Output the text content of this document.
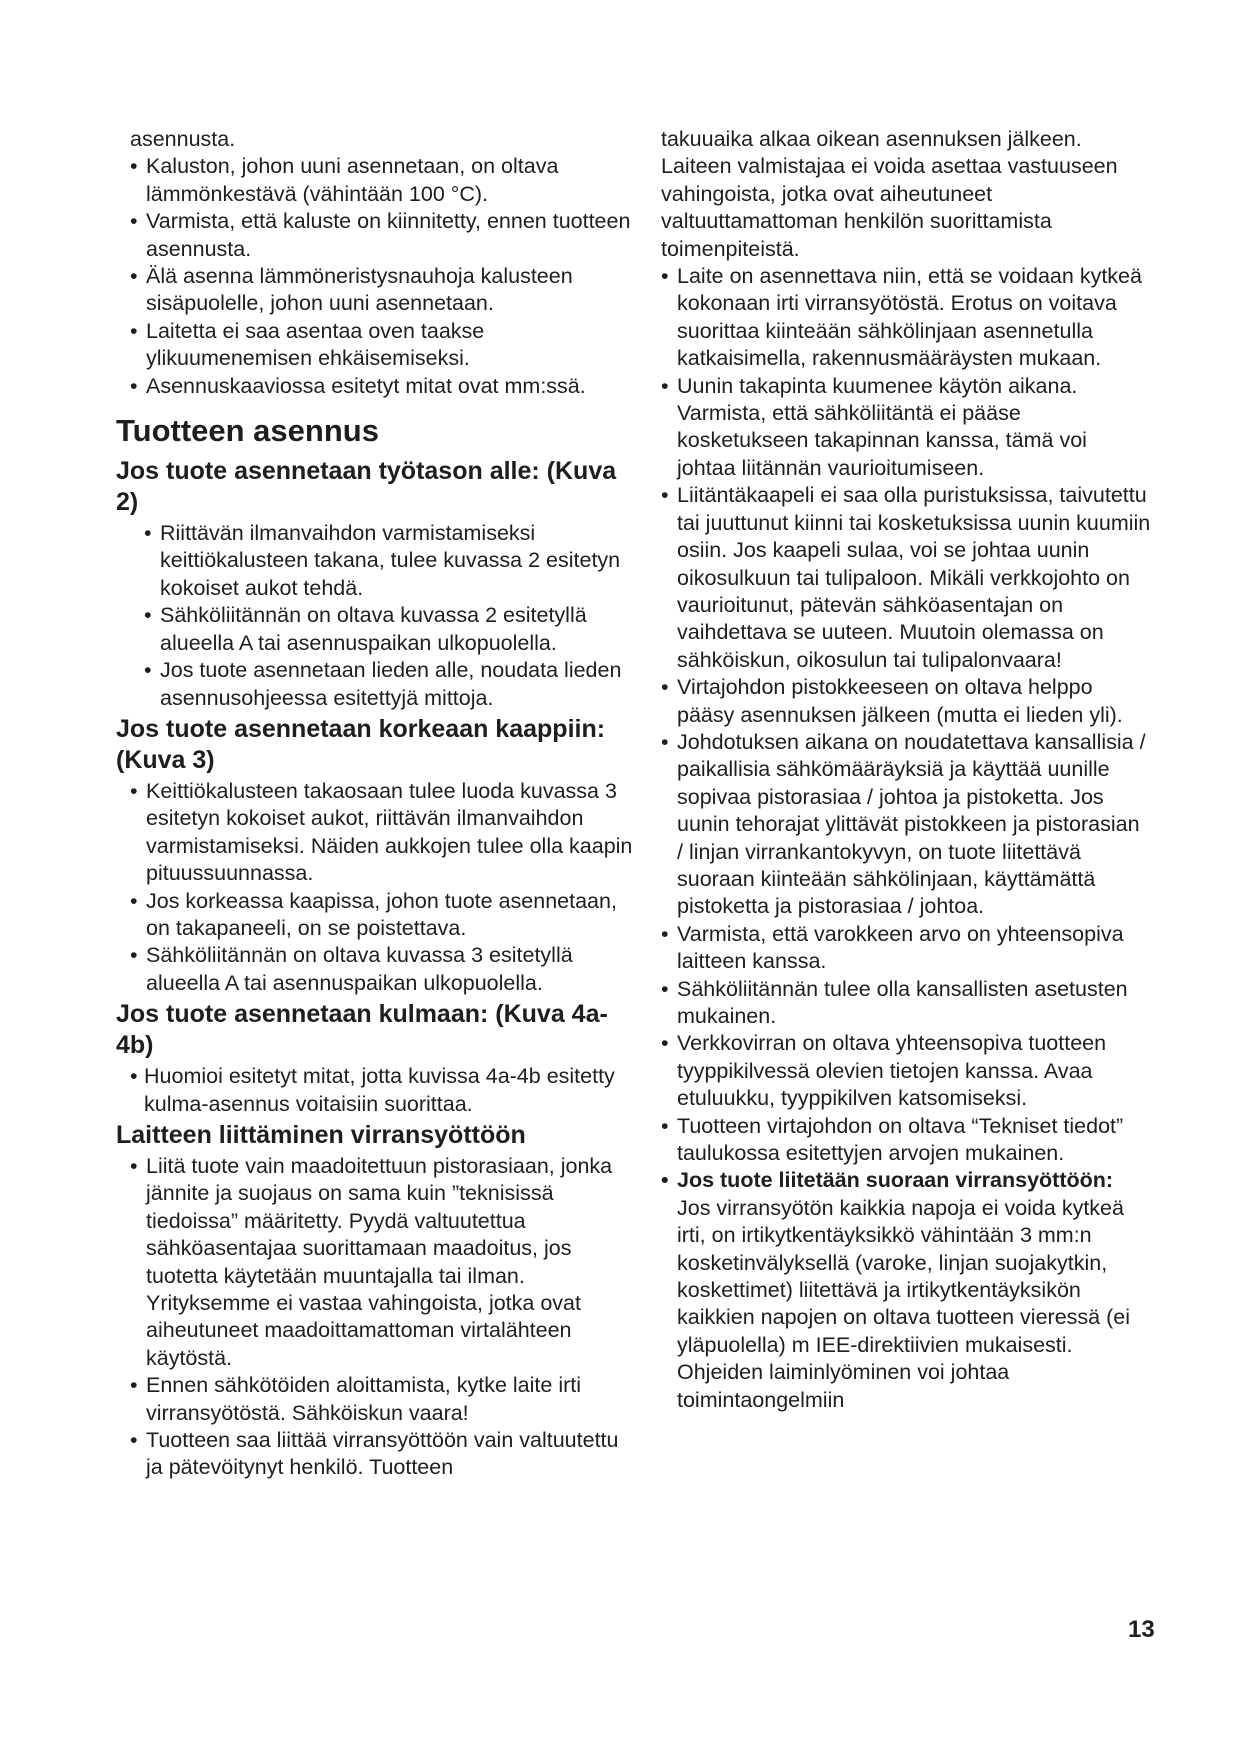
asennusta.

• Kaluston, johon uuni asennetaan, on oltava lämmönkestävä (vähintään 100 °C).

• Varmista, että kaluste on kiinnitetty, ennen tuotteen asennusta.

• Älä asenna lämmöneristysnauhoja kalusteen sisäpuolelle, johon uuni asennetaan.

• Laitetta ei saa asentaa oven taakse ylikuumenemisen ehkäisemiseksi.

• Asennuskaaviossa esitetyt mitat ovat mm:ssä.

Tuotteen asennus
Jos tuote asennetaan työtason alle: (Kuva 2)

• Riittävän ilmanvaihdon varmistamiseksi keittiökalusteen takana, tulee kuvassa 2 esitetyn kokoiset aukot tehdä.

• Sähköliitännän on oltava kuvassa 2 esitetyllä alueella A tai asennuspaikan ulkopuolella.

• Jos tuote asennetaan lieden alle, noudata lieden asennusohjeessa esitettyjä mittoja.

Jos tuote asennetaan korkeaan kaappiin: (Kuva 3)

• Keittiökalusteen takaosaan tulee luoda kuvassa 3 esitetyn kokoiset aukot, riittävän ilmanvaihdon varmistamiseksi. Näiden aukkojen tulee olla kaapin pituussuunnassa.

• Jos korkeassa kaapissa, johon tuote asennetaan, on takapaneeli, on se poistettava.

• Sähköliitännän on oltava kuvassa 3 esitetyllä alueella A tai asennuspaikan ulkopuolella.

Jos tuote asennetaan kulmaan: (Kuva 4a-4b)

• Huomioi esitetyt mitat, jotta kuvissa 4a-4b esitetty kulma-asennus voitaisiin suorittaa.

Laitteen liittäminen virransyöttöön

• Liitä tuote vain maadoitettuun pistorasiaan, jonka jännite ja suojaus on sama kuin ”teknisissä tiedoissa” määritetty. Pyydä valtuutettua sähköasentajaa suorittamaan maadoitus, jos tuotetta käytetään muuntajalla tai ilman. Yrityksemme ei vastaa vahingoista, jotka ovat aiheutuneet maadoittamattoman virtalähteen käytöstä.

• Ennen sähkötöiden aloittamista, kytke laite irti virransyötöstä. Sähköiskun vaara!

• Tuotteen saa liittää virransyöttöön vain valtuutettu ja pätevöitynyt henkilö. Tuotteen

takuuaika alkaa oikean asennuksen jälkeen. Laiteen valmistajaa ei voida asettaa vastuuseen vahingoista, jotka ovat aiheutuneet valtuuttamattoman henkilön suorittamista toimenpiteistä.

• Laite on asennettava niin, että se voidaan kytkeä kokonaan irti virransyötöstä. Erotus on voitava suorittaa kiinteään sähkölinjaan asennetulla katkaisimella, rakennusmääräysten mukaan.

• Uunin takapinta kuumenee käytön aikana. Varmista, että sähköliitäntä ei pääse kosketukseen takapinnan kanssa, tämä voi johtaa liitännän vaurioitumiseen.

• Liitäntäkaapeli ei saa olla puristuksissa, taivutettu tai juuttunut kiinni tai kosketuksissa uunin kuumiin osiin. Jos kaapeli sulaa, voi se johtaa uunin oikosulkuun tai tulipaloon. Mikäli verkkojohto on vaurioitunut, pätevän sähköasentajan on vaihdettava se uuteen. Muutoin olemassa on sähköiskun, oikosulun tai tulipalonvaara!

• Virtajohdon pistokkeeseen on oltava helppo pääsy asennuksen jälkeen (mutta ei lieden yli).

• Johdotuksen aikana on noudatettava kansallisia / paikallisia sähkömääräyksiä ja käyttää uunille sopivaa pistorasiaa / johtoa ja pistoketta. Jos uunin tehorajat ylittävät pistokkeen ja pistorasian / linjan virrankantokyvyn, on tuote liitettävä suoraan kiinteään sähkölinjaan, käyttämättä pistoketta ja pistorasiaa / johtoa.

• Varmista, että varokkeen arvo on yhteensopiva laitteen kanssa.

• Sähköliitännän tulee olla kansallisten asetusten mukainen.

• Verkkovirran on oltava yhteensopiva tuotteen tyyppikilvessä olevien tietojen kanssa. Avaa etuluukku, tyyppikilven katsomiseksi.

• Tuotteen virtajohdon on oltava “Tekniset tiedot” taulukossa esitettyjen arvojen mukainen.

• Jos tuote liitetään suoraan virransyöttöön: Jos virransyötön kaikkia napoja ei voida kytkeä irti, on irtikytkentäyksikkö vähintään 3 mm:n kosketinvälyksellä (varoke, linjan suojakytkin, koskettimet) liitettävä ja irtikytkentäyksikön kaikkien napojen on oltava tuotteen vieressä (ei yläpuolella) m IEE-direktiivien mukaisesti. Ohjeiden laiminlyöminen voi johtaa toimintaongelmiin

13
